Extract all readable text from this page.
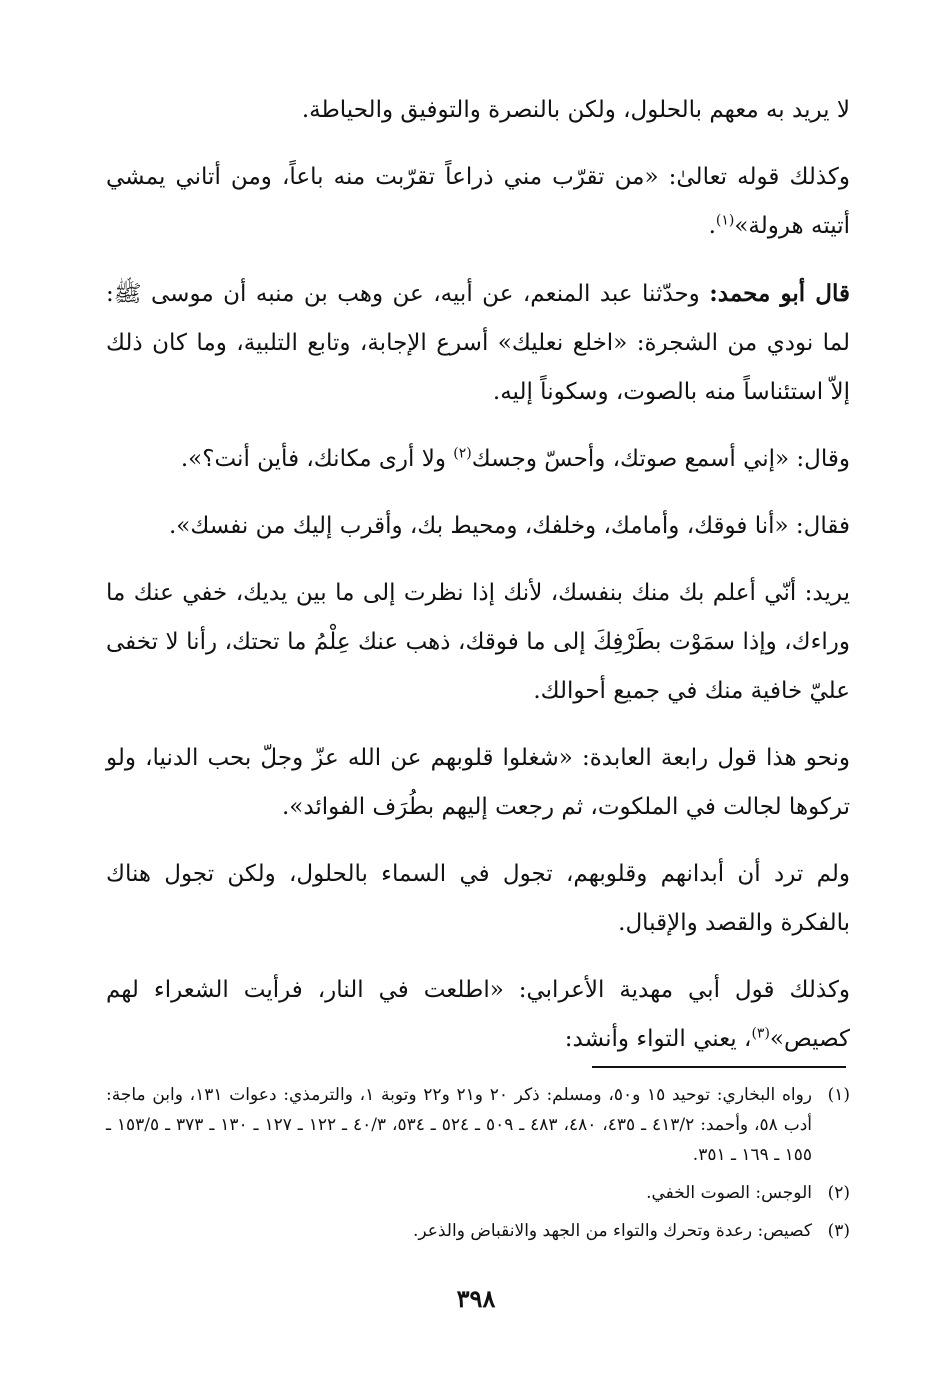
لا يريد به معهم بالحلول، ولكن بالنصرة والتوفيق والحياطة.

وكذلك قوله تعالىٰ: «من تقرّب مني ذراعاً تقرّبت منه باعاً، ومن أتاني يمشي أتيته هرولة»$^{(١)}$.

قال أبو محمد: وحدّثنا عبد المنعم، عن أبيه، عن وهب بن منبه أن موسى ﷺ: لما نودي من الشجرة: «اخلع نعليك» أسرع الإجابة، وتابع التلبية، وما كان ذلك إلاّ استئناساً منه بالصوت، وسكوناً إليه.

وقال: «إني أسمع صوتك، وأحسّ وجسك$^{(٢)}$ ولا أرى مكانك، فأين أنت؟».

فقال: «أنا فوقك، وأمامك، وخلفك، ومحيط بك، وأقرب إليك من نفسك».

يريد: أنّي أعلم بك منك بنفسك، لأنك إذا نظرت إلى ما بين يديك، خفي عنك ما وراءك، وإذا سمَوْت بطَرْفِكَ إلى ما فوقك، ذهب عنك عِلْمُ ما تحتك، رأنا لا تخفى عليّ خافية منك في جميع أحوالك.

ونحو هذا قول رابعة العابدة: «شغلوا قلوبهم عن الله عزّ وجلّ بحب الدنيا، ولو تركوها لجالت في الملكوت، ثم رجعت إليهم بطُرَف الفوائد».

ولم ترد أن أبدانهم وقلوبهم، تجول في السماء بالحلول، ولكن تجول هناك بالفكرة والقصد والإقبال.

وكذلك قول أبي مهدية الأعرابي: «اطلعت في النار، فرأيت الشعراء لهم كصيص»$^{(٣)}$، يعني التواء وأنشد:

(١)
رواه البخاري: توحيد ١٥ و٥٠، ومسلم: ذكر ٢٠ و٢١ و٢٢ وتوبة ١، والترمذي: دعوات ١٣١، وابن ماجة: أدب ٥٨، وأحمد: ٤١٣/٢ ـ ٤٣٥، ٤٨٠، ٤٨٣ ـ ٥٠٩ ـ ٥٢٤ ـ ٥٣٤، ٤٠/٣ ـ ١٢٢ ـ ١٢٧ ـ ١٣٠ ـ ٣٧٣ ـ ١٥٣/٥ ـ ١٥٥ ـ ١٦٩ ـ ٣٥١.
(٢)
الوجس: الصوت الخفي.
(٣)
كصيص: رعدة وتحرك والتواء من الجهد والانقباض والذعر.
٣٩٨
